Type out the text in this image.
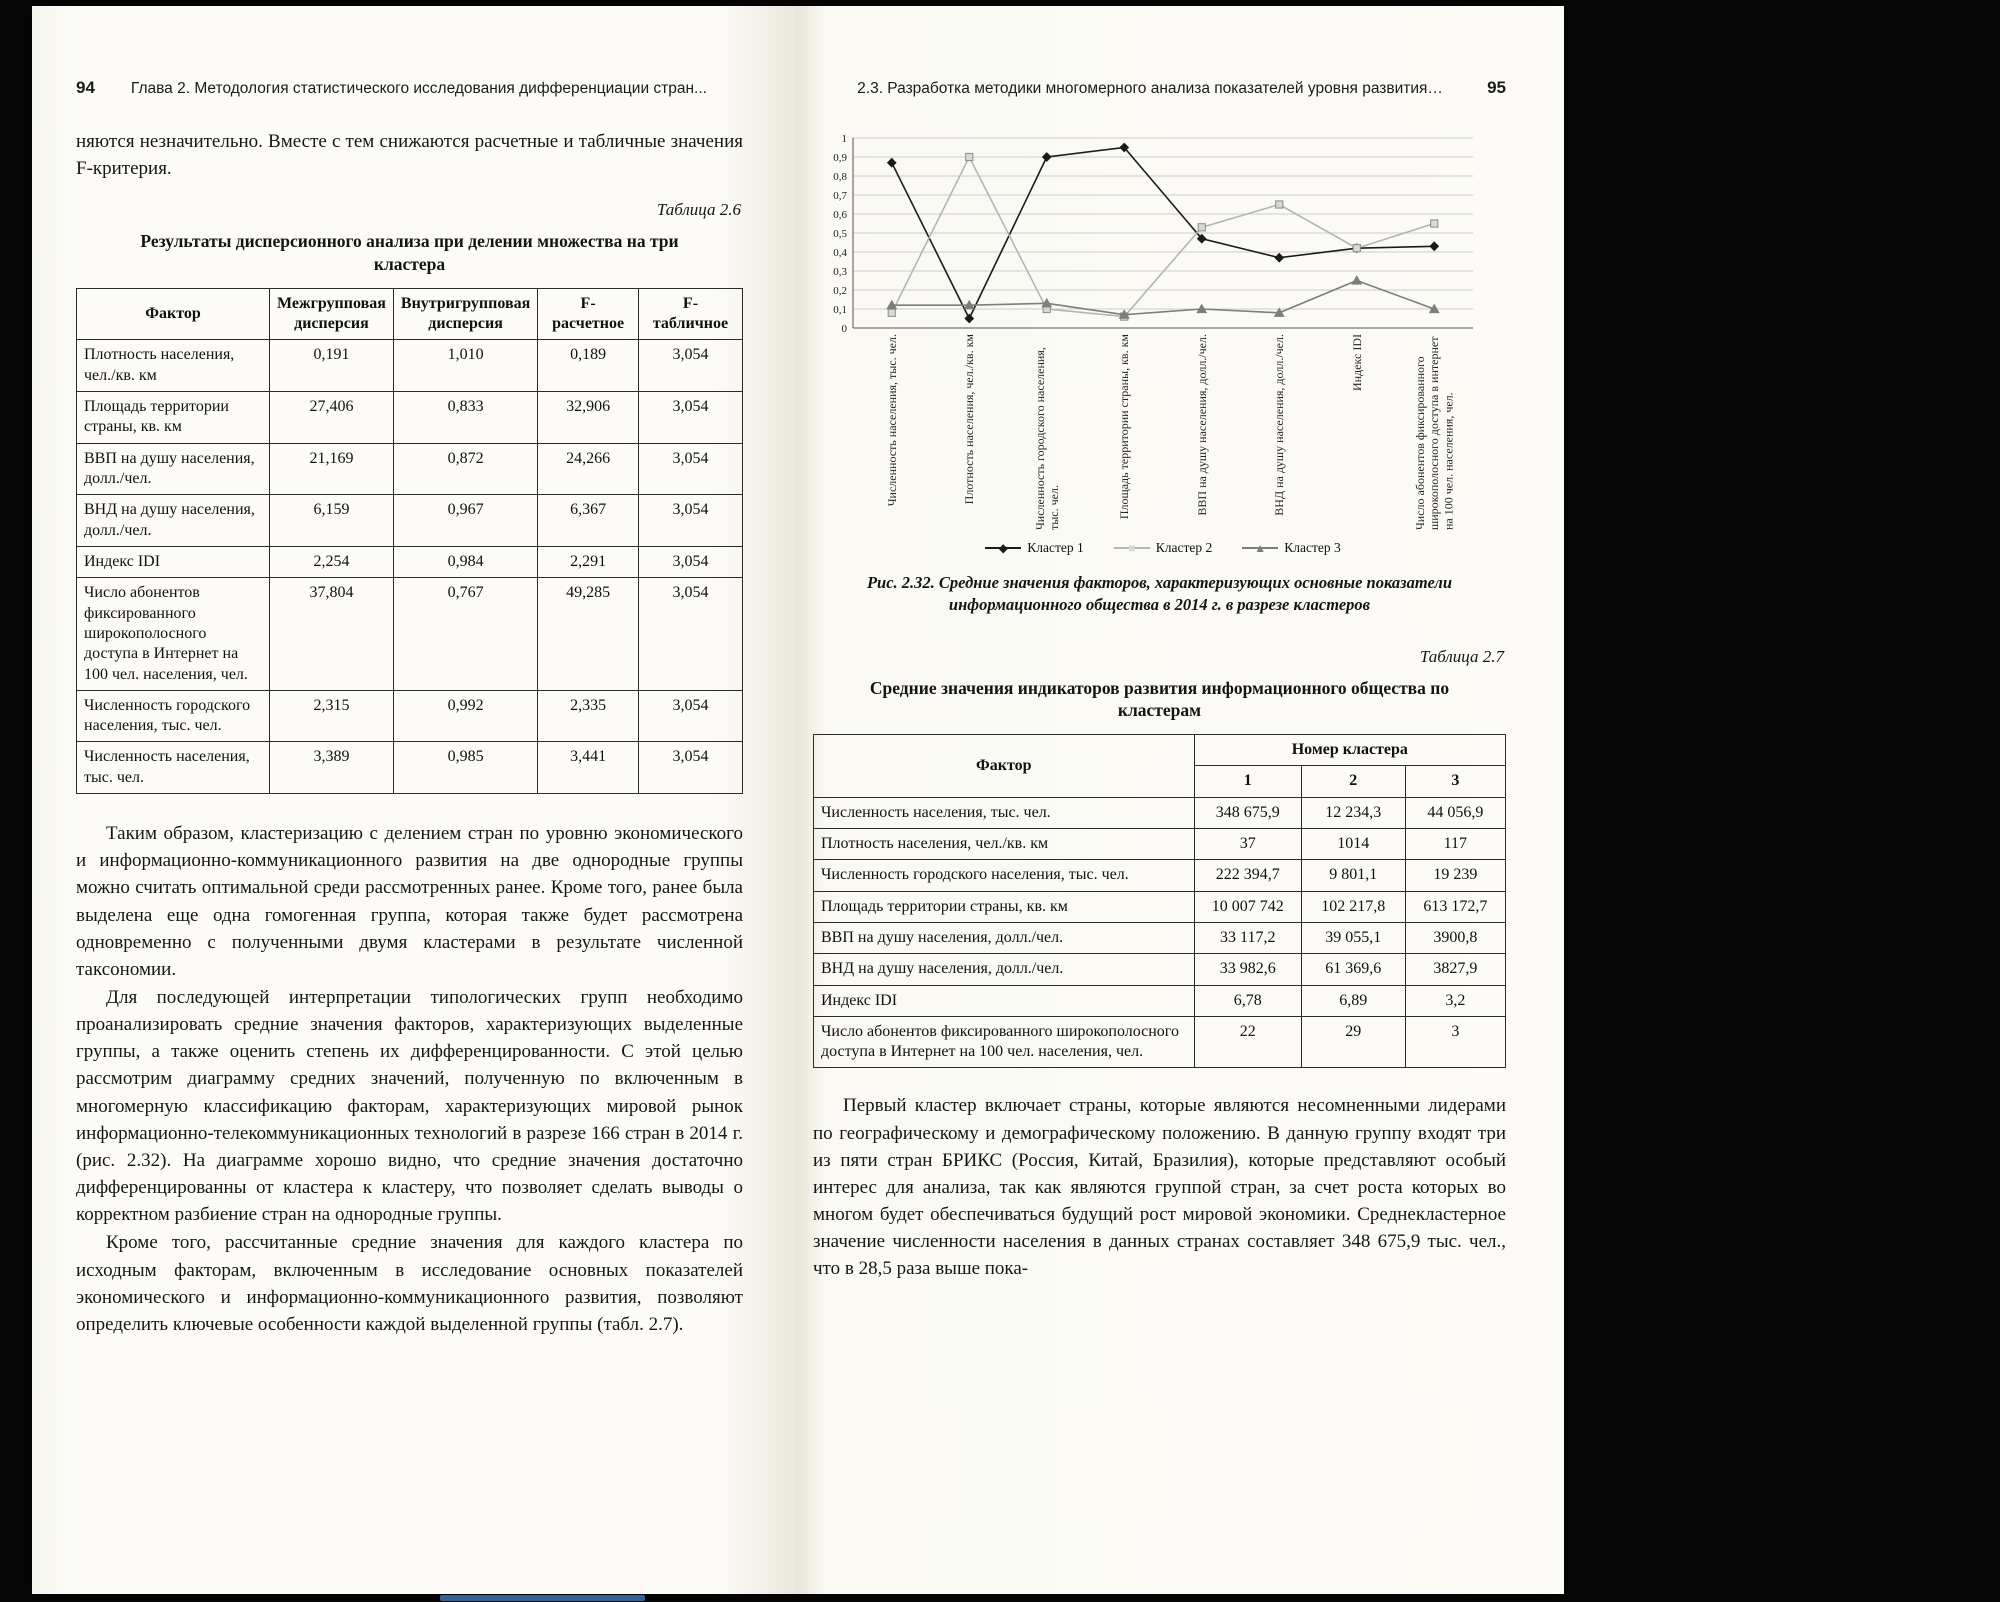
94	Глава 2. Методология статистического исследования дифференциации стран...

няются незначительно. Вместе с тем снижаются расчетные и табличные значения F-критерия.

Таблица 2.6
Результаты дисперсионного анализа при делении множества на три кластера
Фактор	Межгрупповая дисперсия	Внутригрупповая дисперсия	F-расчетное	F-табличное
Плотность населения, чел./кв. км	0,191	1,010	0,189	3,054
Площадь территории страны, кв. км	27,406	0,833	32,906	3,054
ВВП на душу населения, долл./чел.	21,169	0,872	24,266	3,054
ВНД на душу населения, долл./чел.	6,159	0,967	6,367	3,054
Индекс IDI	2,254	0,984	2,291	3,054
Число абонентов фиксированного широкополосного доступа в Интернет на 100 чел. населения, чел.	37,804	0,767	49,285	3,054
Численность городского населения, тыс. чел.	2,315	0,992	2,335	3,054
Численность населения, тыс. чел.	3,389	0,985	3,441	3,054

Таким образом, кластеризацию с делением стран по уровню экономического и информационно-коммуникационного развития на две однородные группы можно считать оптимальной среди рассмотренных ранее. Кроме того, ранее была выделена еще одна гомогенная группа, которая также будет рассмотрена одновременно с полученными двумя кластерами в результате численной таксономии.

Для последующей интерпретации типологических групп необходимо проанализировать средние значения факторов, характеризующих выделенные группы, а также оценить степень их дифференцированности. С этой целью рассмотрим диаграмму средних значений, полученную по включенным в многомерную классификацию факторам, характеризующих мировой рынок информационно-телекоммуникационных технологий в разрезе 166 стран в 2014 г. (рис. 2.32). На диаграмме хорошо видно, что средние значения достаточно дифференцированны от кластера к кластеру, что позволяет сделать выводы о корректном разбиение стран на однородные группы.

Кроме того, рассчитанные средние значения для каждого кластера по исходным факторам, включенным в исследование основных показателей экономического и информационно-коммуникационного развития, позволяют определить ключевые особенности каждой выделенной группы (табл. 2.7).

2.3. Разработка методики многомерного анализа показателей уровня развития…	95
0
0,1
0,2
0,3
0,4
0,5
0,6
0,7
0,8
0,9
1
Численность населения, тыс. чел.	Плотность населения, чел./кв. км	Численность городского населения, тыс. чел.	Площадь территории страны, кв. км	ВВП на душу населения, долл./чел.	ВНД на душу населения, долл./чел.	Индекс IDI	Число абонентов фиксированного широкополосного доступа в интернет на 100 чел. населения, чел.
◆	Кластер 1	■	Кластер 2	▲	Кластер 3
Рис. 2.32. Средние значения факторов, характеризующих основные показатели информационного общества в 2014 г. в разрезе кластеров
Таблица 2.7
Средние значения индикаторов развития информационного общества по кластерам
Фактор	Номер кластера		
	1	2	3
Численность населения, тыс. чел.	348 675,9	12 234,3	44 056,9
Плотность населения, чел./кв. км	37	1014	117
Численность городского населения, тыс. чел.	222 394,7	9 801,1	19 239
Площадь территории страны, кв. км	10 007 742	102 217,8	613 172,7
ВВП на душу населения, долл./чел.	33 117,2	39 055,1	3900,8
ВНД на душу населения, долл./чел.	33 982,6	61 369,6	3827,9
Индекс IDI	6,78	6,89	3,2
Число абонентов фиксированного широкополосного доступа в Интернет на 100 чел. населения, чел.	22	29	3

Первый кластер включает страны, которые являются несомненными лидерами по географическому и демографическому положению. В данную группу входят три из пяти стран БРИКС (Россия, Китай, Бразилия), которые представляют особый интерес для анализа, так как являются группой стран, за счет роста которых во многом будет обеспечиваться будущий рост мировой экономики. Среднекластерное значение численности населения в данных странах составляет 348 675,9 тыс. чел., что в 28,5 раза выше пока-
